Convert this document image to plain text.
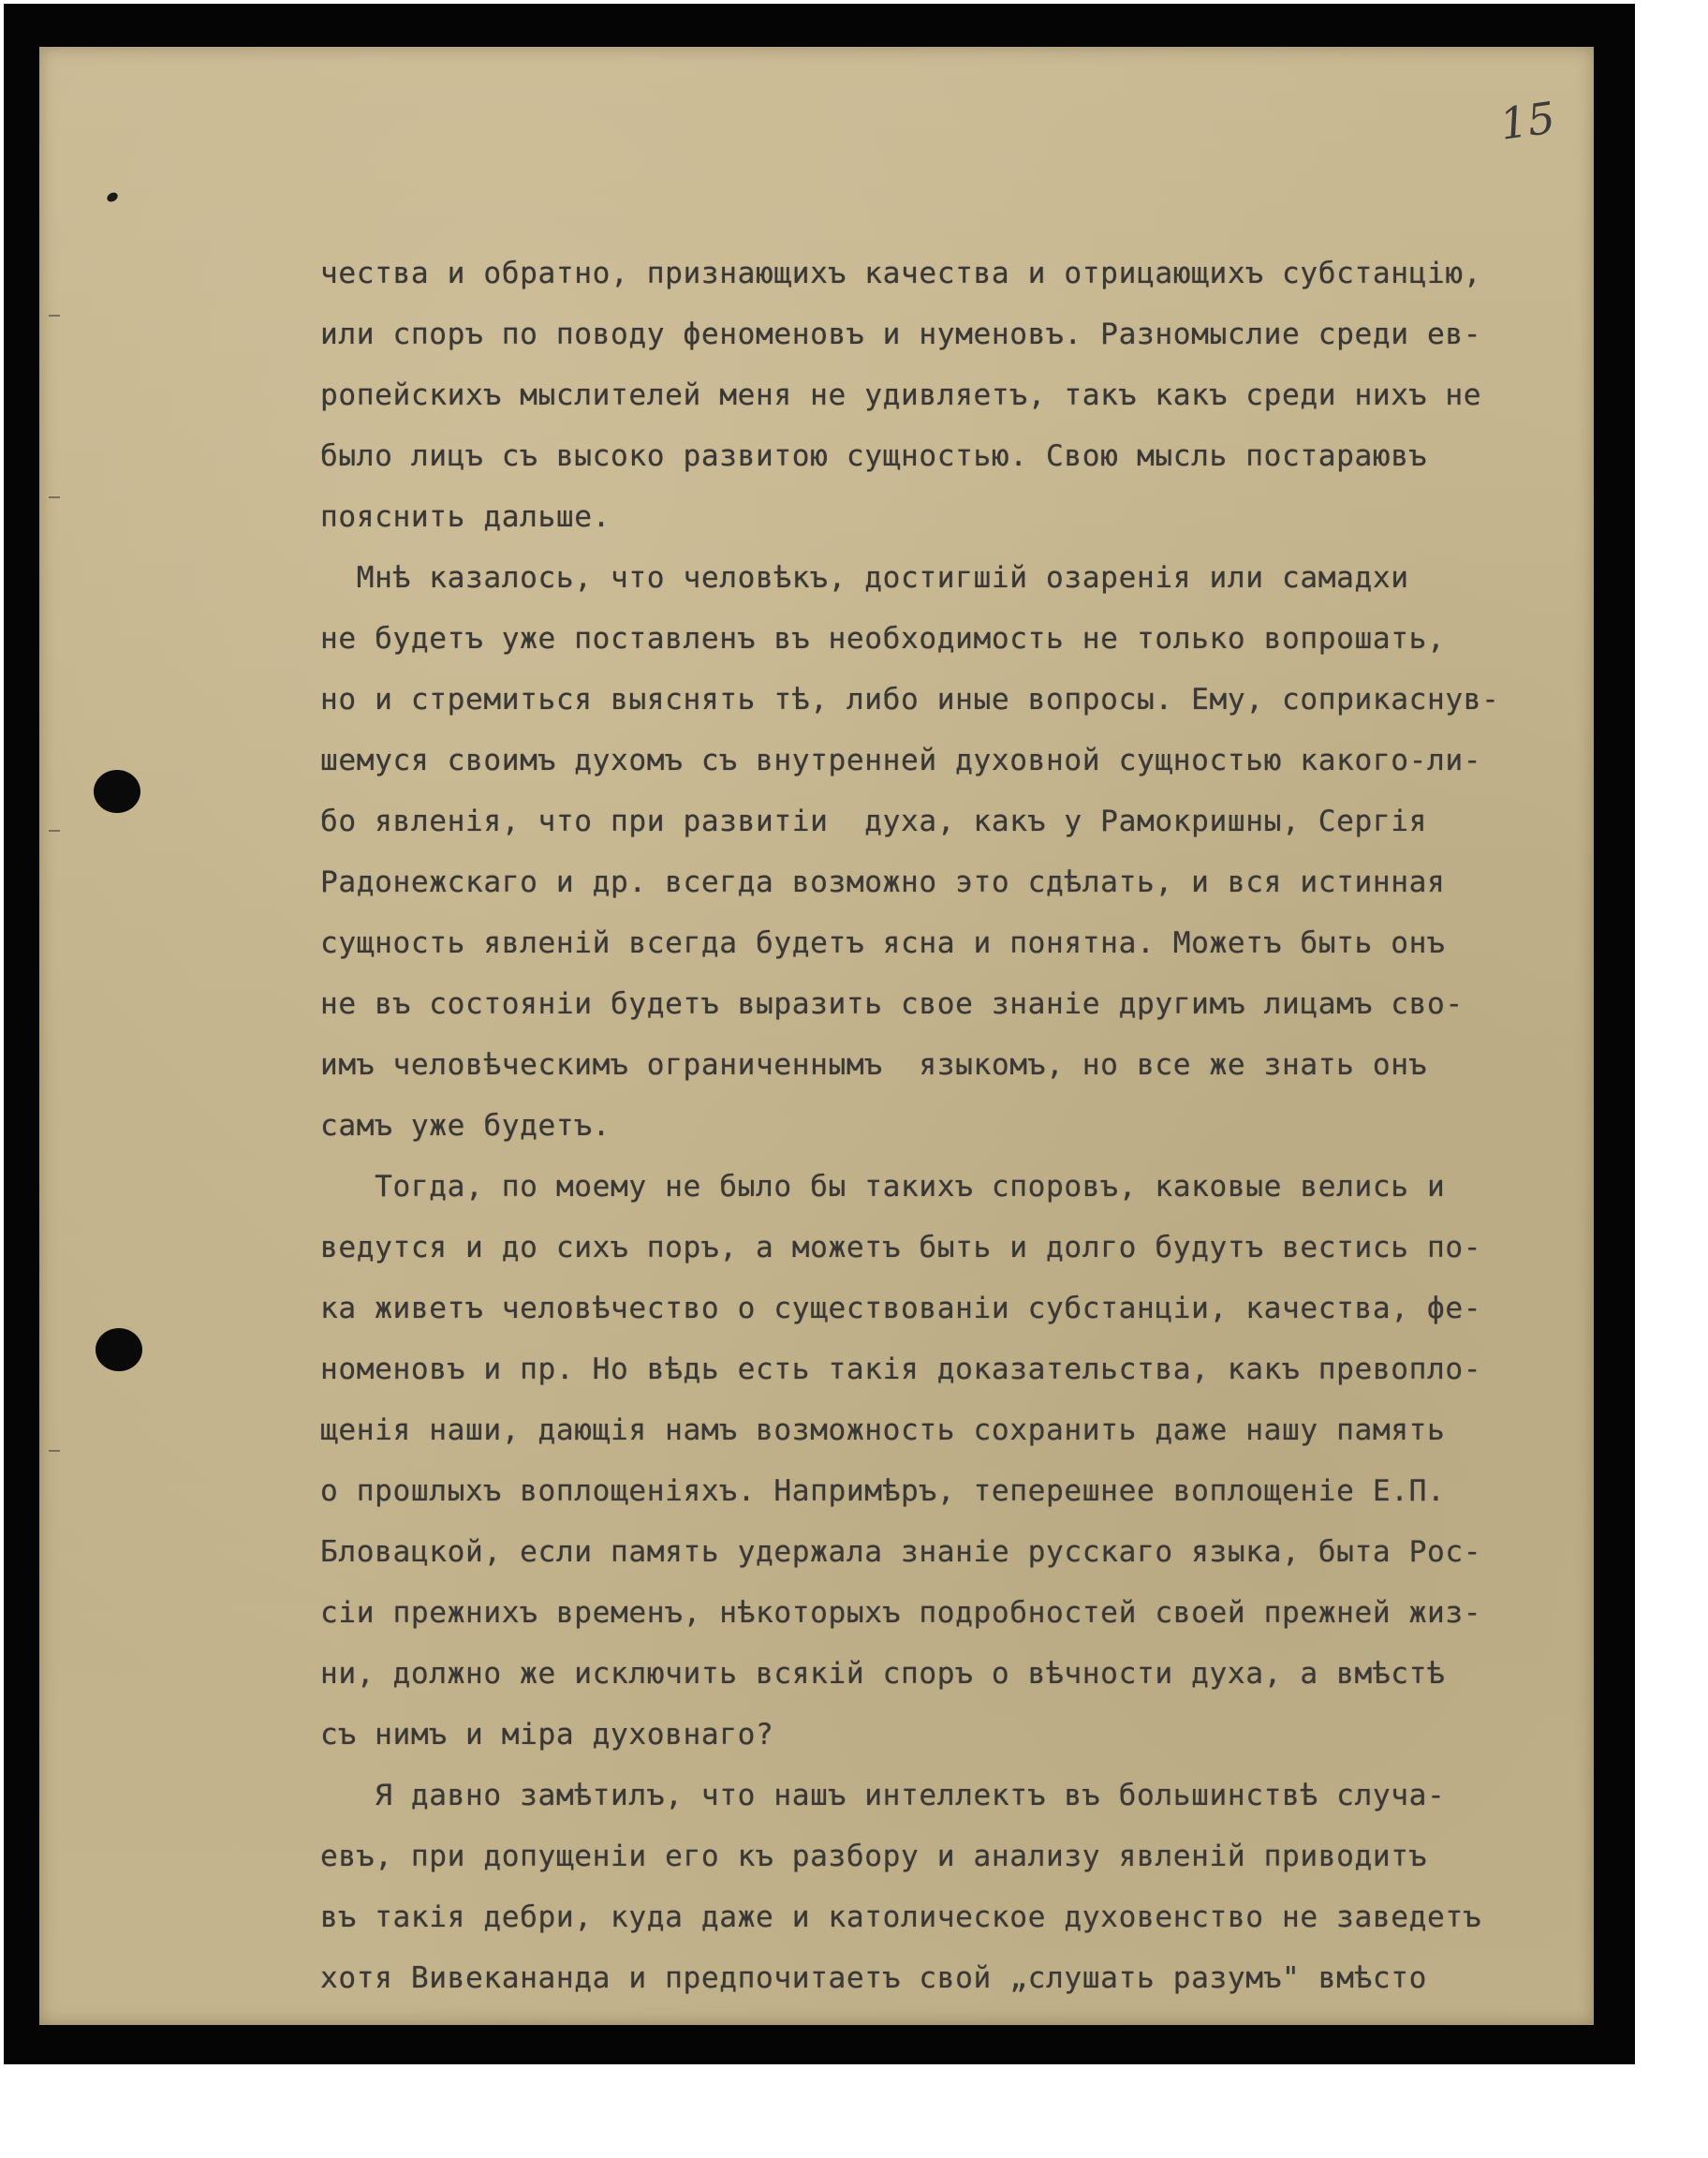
15
чества и обратно, признающихъ качества и отрицающихъ субстанцію,
или споръ по поводу феноменовъ и нуменовъ. Разномыслие среди ев-
ропейскихъ мыслителей меня не удивляетъ, такъ какъ среди нихъ не
было лицъ съ высоко развитою сущностью. Свою мысль постараювъ
пояснить дальше.
Мнѣ казалось, что человѣкъ, достигшій озаренія или самадхи
не будетъ уже поставленъ въ необходимость не только вопрошать,
но и стремиться выяснять тѣ, либо иные вопросы. Ему, соприкаснув-
шемуся своимъ духомъ съ внутренней духовной сущностью какого-ли-
бо явленія, что при развитіи  духа, какъ у Рамокришны, Сергія
Радонежскаго и др. всегда возможно это сдѣлать, и вся истинная
сущность явленій всегда будетъ ясна и понятна. Можетъ быть онъ
не въ состояніи будетъ выразить свое знаніе другимъ лицамъ сво-
имъ человѣческимъ ограниченнымъ  языкомъ, но все же знать онъ
самъ уже будетъ.
Тогда, по моему не было бы такихъ споровъ, каковые велись и
ведутся и до сихъ поръ, а можетъ быть и долго будутъ вестись по-
ка живетъ человѣчество о существованіи субстанціи, качества, фе-
номеновъ и пр. Но вѣдь есть такія доказательства, какъ превопло-
щенія наши, дающія намъ возможность сохранить даже нашу память
о прошлыхъ воплощеніяхъ. Напримѣръ, теперешнее воплощеніе Е.П.
Бловацкой, если память удержала знаніе русскаго языка, быта Рос-
сіи прежнихъ временъ, нѣкоторыхъ подробностей своей прежней жиз-
ни, должно же исключить всякій споръ о вѣчности духа, а вмѣстѣ
съ нимъ и міра духовнаго?
Я давно замѣтилъ, что нашъ интеллектъ въ большинствѣ случа-
евъ, при допущеніи его къ разбору и анализу явленій приводитъ
въ такія дебри, куда даже и католическое духовенство не заведетъ
хотя Вивекананда и предпочитаетъ свой „слушать разумъ" вмѣсто
